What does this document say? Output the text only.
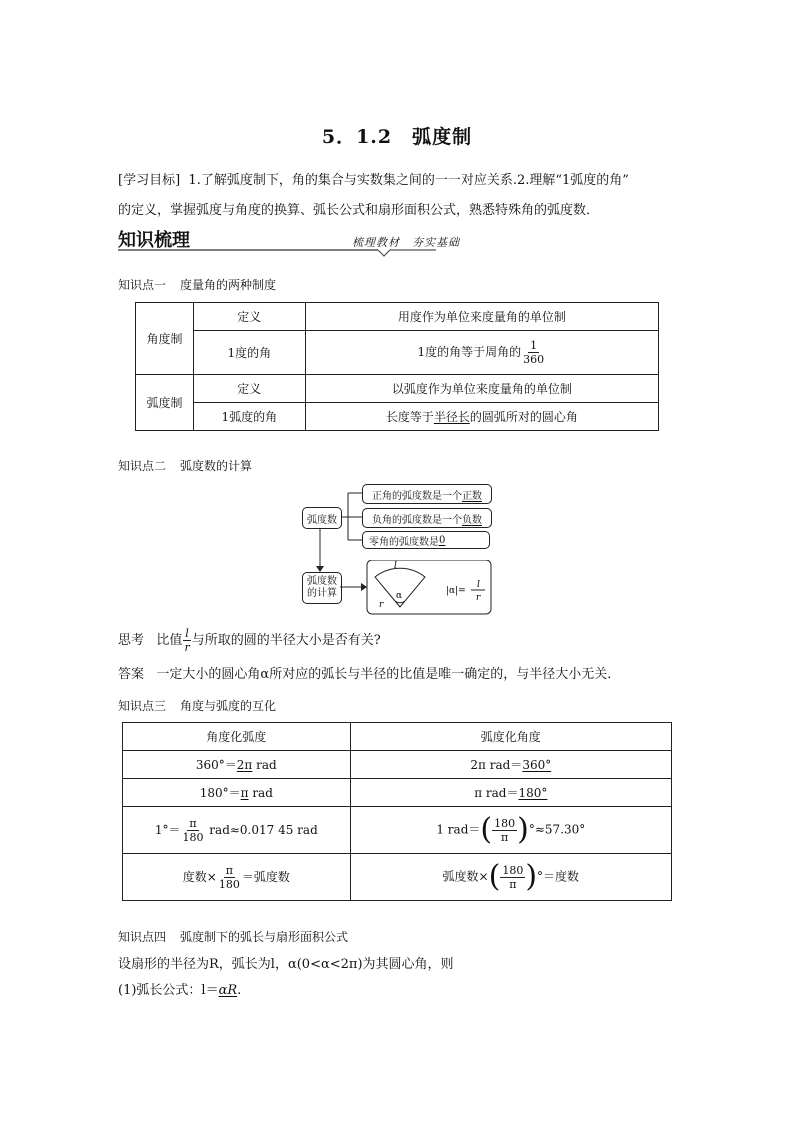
5．1.2　弧度制
[学习目标] 1.了解弧度制下，角的集合与实数集之间的一一对应关系.2.理解“1弧度的角”
的定义，掌握弧度与角度的换算、弧长公式和扇形面积公式，熟悉特殊角的弧度数．
知识梳理	梳理教材　夯实基础
知识点一 度量角的两种制度
角度制	定义	用度作为单位来度量角的单位制
	1度的角	1度的角等于周角的 $\frac{1}{360}$

弧度制	定义	以弧度作为单位来度量角的单位制
	1弧度的角	长度等于半径长的圆弧所对的圆心角
知识点二 弧度数的计算
弧度数
正角的弧度数是一个 正数
负角的弧度数是一个 负数
零角的弧度数是 0
弧度数
的计算
l
r
α	|α|=
l
r
思考 比值 $\frac{l}{r}$ 与所取的圆的半径大小是否有关?
答案 一定大小的圆心角α所对应的弧长与半径的比值是唯一确定的，与半径大小无关．
知识点三 角度与弧度的互化
角度化弧度	弧度化角度
360°＝2π rad	2π rad＝360°
180°＝π rad	π rad＝180°
$1^\circ= \frac{\pi}{180} rad\approx 0.017$ 45 rad	1 $rad=( \frac{180}{\pi} )^\circ\approx 57.30^\circ$
度数× $\frac{\pi}{180}$ ＝弧度数	弧度数×( $\frac{180}{\pi}$ )°＝度数
知识点四 弧度制下的弧长与扇形面积公式
设扇形的半径为R，弧长为l，α(0<α<2π)为其圆心角，则
(1)弧长公式：l＝αR.
